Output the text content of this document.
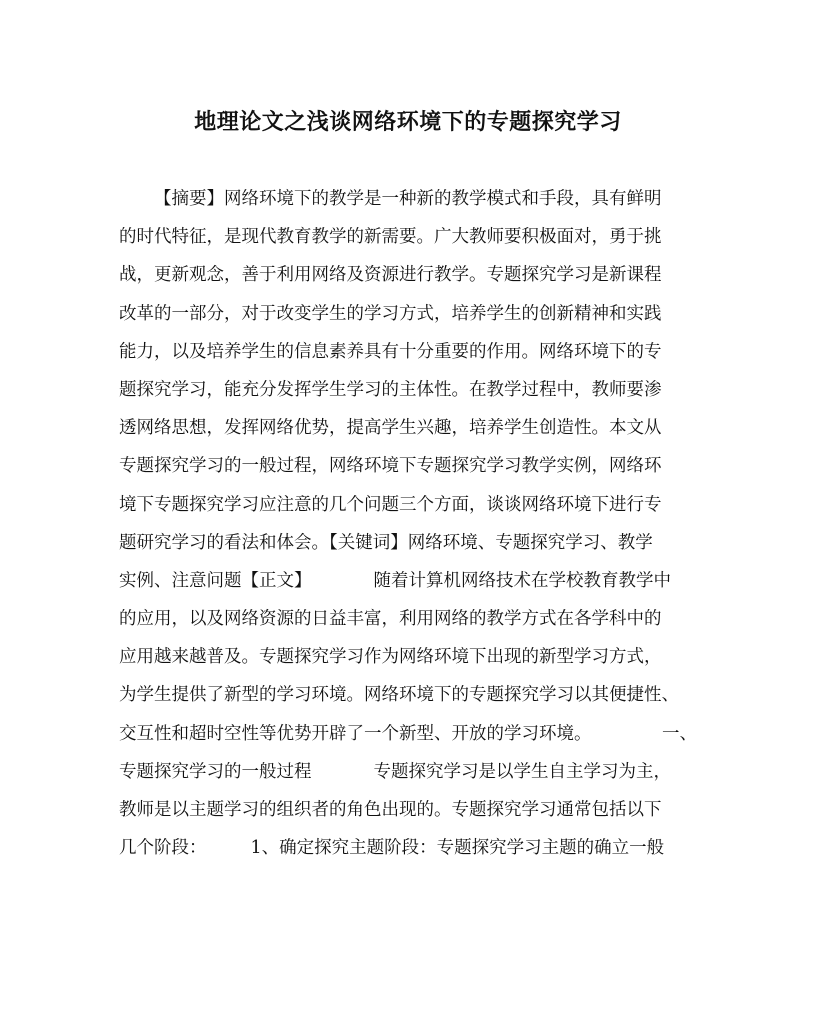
地理论文之浅谈网络环境下的专题探究学习
【摘要】网络环境下的教学是一种新的教学模式和手段，具有鲜明
的时代特征，是现代教育教学的新需要。广大教师要积极面对，勇于挑
战，更新观念，善于利用网络及资源进行教学。专题探究学习是新课程
改革的一部分，对于改变学生的学习方式，培养学生的创新精神和实践
能力，以及培养学生的信息素养具有十分重要的作用。网络环境下的专
题探究学习，能充分发挥学生学习的主体性。在教学过程中，教师要渗
透网络思想，发挥网络优势，提高学生兴趣，培养学生创造性。本文从
专题探究学习的一般过程，网络环境下专题探究学习教学实例，网络环
境下专题探究学习应注意的几个问题三个方面，谈谈网络环境下进行专
题研究学习的看法和体会。【关键词】网络环境、专题探究学习、教学
实例、注意问题【正文】	随着计算机网络技术在学校教育教学中
的应用，以及网络资源的日益丰富，利用网络的教学方式在各学科中的
应用越来越普及。专题探究学习作为网络环境下出现的新型学习方式，
为学生提供了新型的学习环境。网络环境下的专题探究学习以其便捷性、
交互性和超时空性等优势开辟了一个新型、开放的学习环境。	一、
专题探究学习的一般过程	专题探究学习是以学生自主学习为主，
教师是以主题学习的组织者的角色出现的。专题探究学习通常包括以下
几个阶段：	1、确定探究主题阶段：专题探究学习主题的确立一般
